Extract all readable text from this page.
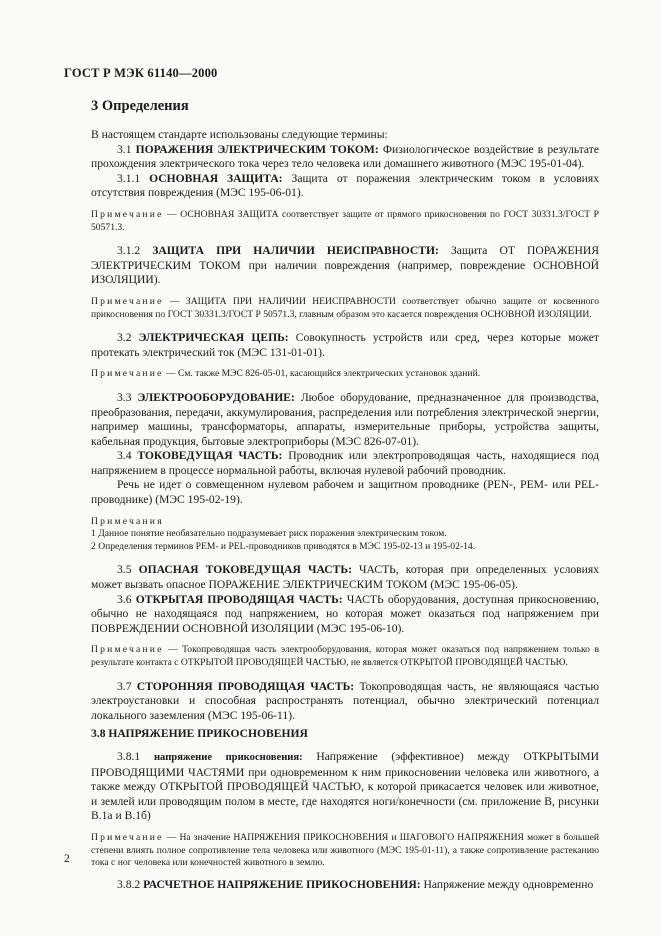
ГОСТ Р МЭК 61140—2000
3 Определения

В настоящем стандарте использованы следующие термины:

3.1 ПОРАЖЕНИЯ ЭЛЕКТРИЧЕСКИМ ТОКОМ: Физиологическое воздействие в результате прохождения электрического тока через тело человека или домашнего животного (МЭС 195-01-04).

3.1.1 ОСНОВНАЯ ЗАЩИТА: Защита от поражения электрическим током в условиях отсутствия повреждения (МЭС 195-06-01).

Примечание — ОСНОВНАЯ ЗАЩИТА соответствует защите от прямого прикосновения по ГОСТ 30331.3/ГОСТ Р 50571.3.

3.1.2 ЗАЩИТА ПРИ НАЛИЧИИ НЕИСПРАВНОСТИ: Защита ОТ ПОРАЖЕНИЯ ЭЛЕКТРИЧЕСКИМ ТОКОМ при наличии повреждения (например, повреждение ОСНОВНОЙ ИЗОЛЯЦИИ).

Примечание — ЗАЩИТА ПРИ НАЛИЧИИ НЕИСПРАВНОСТИ соответствует обычно защите от косвенного прикосновения по ГОСТ 30331.3/ГОСТ Р 50571.3, главным образом это касается повреждения ОСНОВНОЙ ИЗОЛЯЦИИ.

3.2 ЭЛЕКТРИЧЕСКАЯ ЦЕПЬ: Совокупность устройств или сред, через которые может протекать электрический ток (МЭС 131-01-01).

Примечание — См. также МЭС 826-05-01, касающийся электрических установок зданий.

3.3 ЭЛЕКТРООБОРУДОВАНИЕ: Любое оборудование, предназначенное для производства, преобразования, передачи, аккумулирования, распределения или потребления электрической энергии, например машины, трансформаторы, аппараты, измерительные приборы, устройства защиты, кабельная продукция, бытовые электроприборы (МЭС 826-07-01).

3.4 ТОКОВЕДУЩАЯ ЧАСТЬ: Проводник или электропроводящая часть, находящиеся под напряжением в процессе нормальной работы, включая нулевой рабочий проводник.

Речь не идет о совмещенном нулевом рабочем и защитном проводнике (PEN-, PEM- или PEL-проводнике) (МЭС 195-02-19).

Примечания

1 Данное понятие необязательно подразумевает риск поражения электрическим током.

2 Определения терминов PEM- и PEL-проводников приводятся в МЭС 195-02-13 и 195-02-14.

3.5 ОПАСНАЯ ТОКОВЕДУЩАЯ ЧАСТЬ: ЧАСТЬ, которая при определенных условиях может вызвать опасное ПОРАЖЕНИЕ ЭЛЕКТРИЧЕСКИМ ТОКОМ (МЭС 195-06-05).

3.6 ОТКРЫТАЯ ПРОВОДЯЩАЯ ЧАСТЬ: ЧАСТЬ оборудования, доступная прикосновению, обычно не находящаяся под напряжением, но которая может оказаться под напряжением при ПОВРЕЖДЕНИИ ОСНОВНОЙ ИЗОЛЯЦИИ (МЭС 195-06-10).

Примечание — Токопроводящая часть электрооборудования, которая может оказаться под напряжением только в результате контакта с ОТКРЫТОЙ ПРОВОДЯЩЕЙ ЧАСТЬЮ, не является ОТКРЫТОЙ ПРОВОДЯЩЕЙ ЧАСТЬЮ.

3.7 СТОРОННЯЯ ПРОВОДЯЩАЯ ЧАСТЬ: Токопроводящая часть, не являющаяся частью электроустановки и способная распространять потенциал, обычно электрический потенциал локального заземления (МЭС 195-06-11).

3.8 НАПРЯЖЕНИЕ ПРИКОСНОВЕНИЯ

3.8.1 напряжение прикосновения: Напряжение (эффективное) между ОТКРЫТЫМИ ПРОВОДЯЩИМИ ЧАСТЯМИ при одновременном к ним прикосновении человека или животного, а также между ОТКРЫТОЙ ПРОВОДЯЩЕЙ ЧАСТЬЮ, к которой прикасается человек или животное, и землей или проводящим полом в месте, где находятся ноги/конечности (см. приложение В, рисунки В.1а и В.1б)

Примечание — На значение НАПРЯЖЕНИЯ ПРИКОСНОВЕНИЯ и ШАГОВОГО НАПРЯЖЕНИЯ может в большей степени влиять полное сопротивление тела человека или животного (МЭС 195-01-11), а также сопротивление растеканию тока с ног человека или конечностей животного в землю.

3.8.2 РАСЧЕТНОЕ НАПРЯЖЕНИЕ ПРИКОСНОВЕНИЯ: Напряжение между одновременно

2
